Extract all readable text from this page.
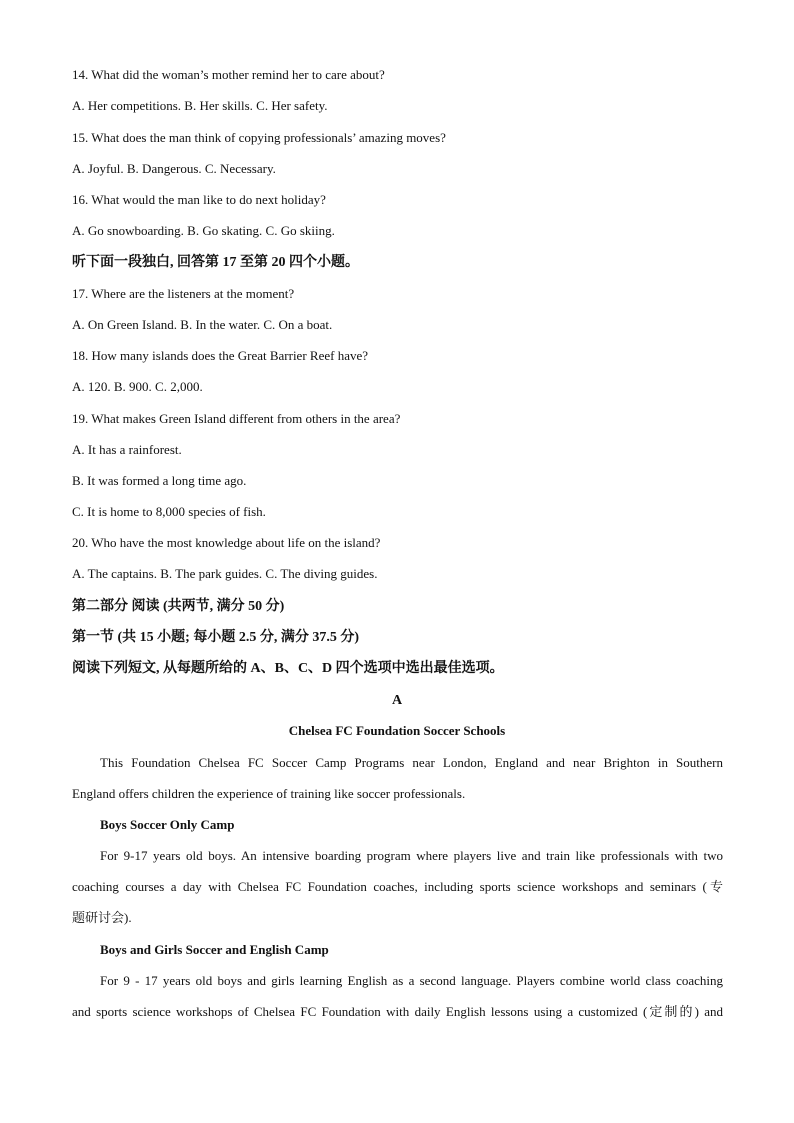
14. What did the woman’s mother remind her to care about?
A. Her competitions. B. Her skills. C. Her safety.
15. What does the man think of copying professionals’ amazing moves?
A. Joyful. B. Dangerous. C. Necessary.
16. What would the man like to do next holiday?
A. Go snowboarding. B. Go skating. C. Go skiing.
听下面一段独白, 回答第 17 至第 20 四个小题。
17. Where are the listeners at the moment?
A. On Green Island. B. In the water. C. On a boat.
18. How many islands does the Great Barrier Reef have?
A. 120. B. 900. C. 2,000.
19. What makes Green Island different from others in the area?
A. It has a rainforest.
B. It was formed a long time ago.
C. It is home to 8,000 species of fish.
20. Who have the most knowledge about life on the island?
A. The captains. B. The park guides. C. The diving guides.
第二部分 阅读 (共两节, 满分 50 分)
第一节 (共 15 小题; 每小题 2.5 分, 满分 37.5 分)
阅读下列短文, 从每题所给的 A、B、C、D 四个选项中选出最佳选项。
A
Chelsea FC Foundation Soccer Schools
This Foundation Chelsea FC Soccer Camp Programs near London, England and near Brighton in Southern
England offers children the experience of training like soccer professionals.
Boys Soccer Only Camp
For 9-17 years old boys. An intensive boarding program where players live and train like professionals with two
coaching courses a day with Chelsea FC Foundation coaches, including sports science workshops and seminars (专
题研讨会).
Boys and Girls Soccer and English Camp
For 9 - 17 years old boys and girls learning English as a second language. Players combine world class coaching
and sports science workshops of Chelsea FC Foundation with daily English lessons using a customized (定制的) and
